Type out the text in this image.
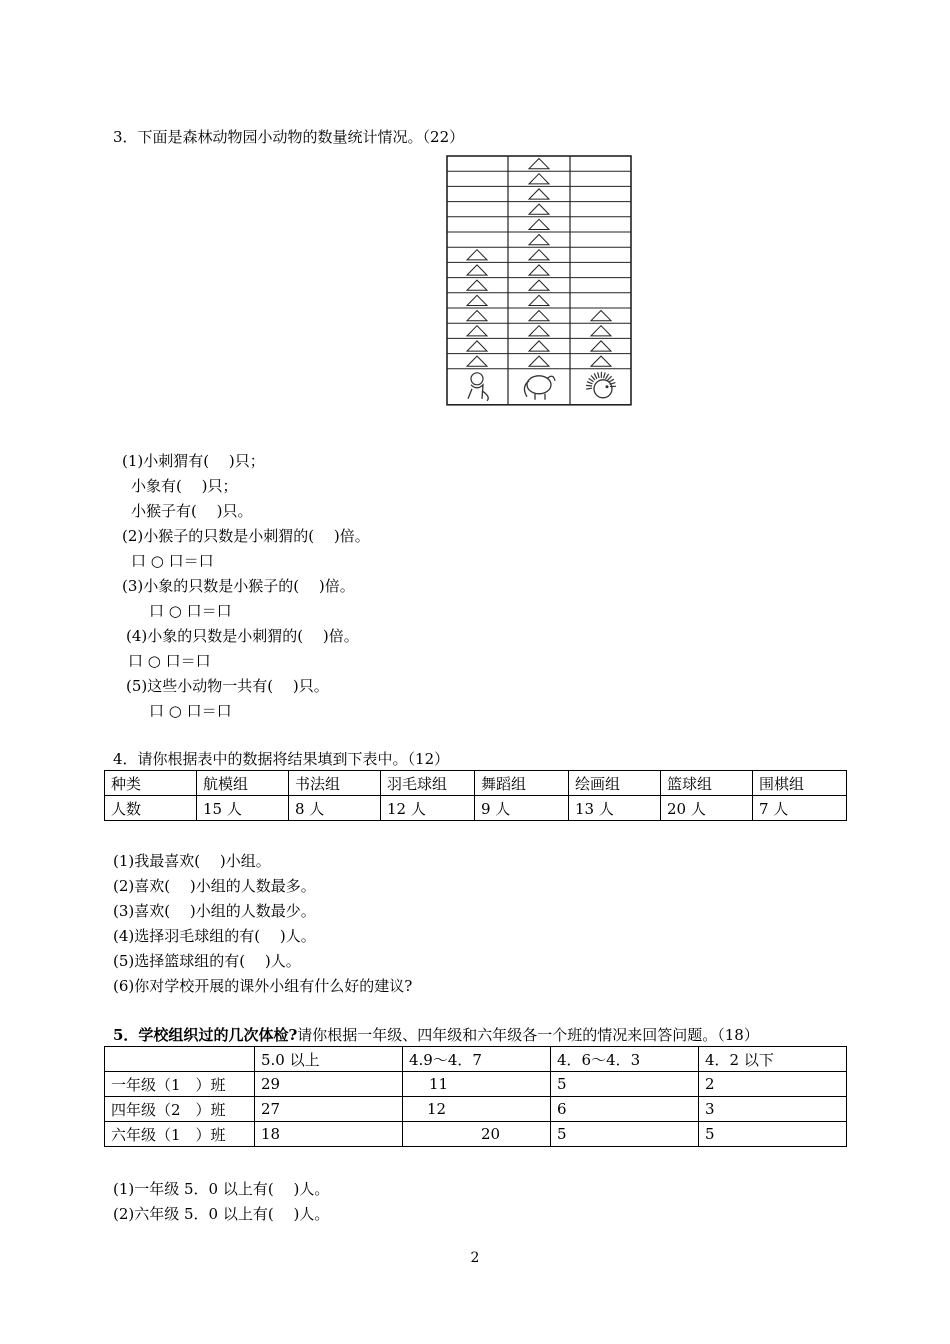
3．下面是森林动物园小动物的数量统计情况。（22）
(1)小刺猬有(　 )只；
小象有(　 )只；
小猴子有(　 )只。
(2)小猴子的只数是小刺猬的(　 )倍。
口 ○ 口＝口
(3)小象的只数是小猴子的(　 )倍。
口 ○ 口＝口
(4)小象的只数是小刺猬的(　 )倍。
口 ○ 口＝口
(5)这些小动物一共有(　 )只。
口 ○ 口＝口
4．请你根据表中的数据将结果填到下表中。（12）
种类	航模组	书法组	羽毛球组	舞蹈组	绘画组	篮球组	围棋组
人数	15 人	8 人	12 人	9 人	13 人	20 人	7 人
(1)我最喜欢(　 )小组。
(2)喜欢(　 )小组的人数最多。
(3)喜欢(　 )小组的人数最少。
(4)选择羽毛球组的有(　 )人。
(5)选择篮球组的有(　 )人。
(6)你对学校开展的课外小组有什么好的建议?
5．学校组织过的几次体检?请你根据一年级、四年级和六年级各一个班的情况来回答问题。（18）
	5.0 以上	4.9～4．7	4．6～4．3	4．2 以下
一年级（1　）班	29	11	5	2
四年级（2　）班	27	12	6	3
六年级（1　）班	18	20	5	5
(1)一年级 5．0 以上有(　 )人。
(2)六年级 5．0 以上有(　 )人。
2
